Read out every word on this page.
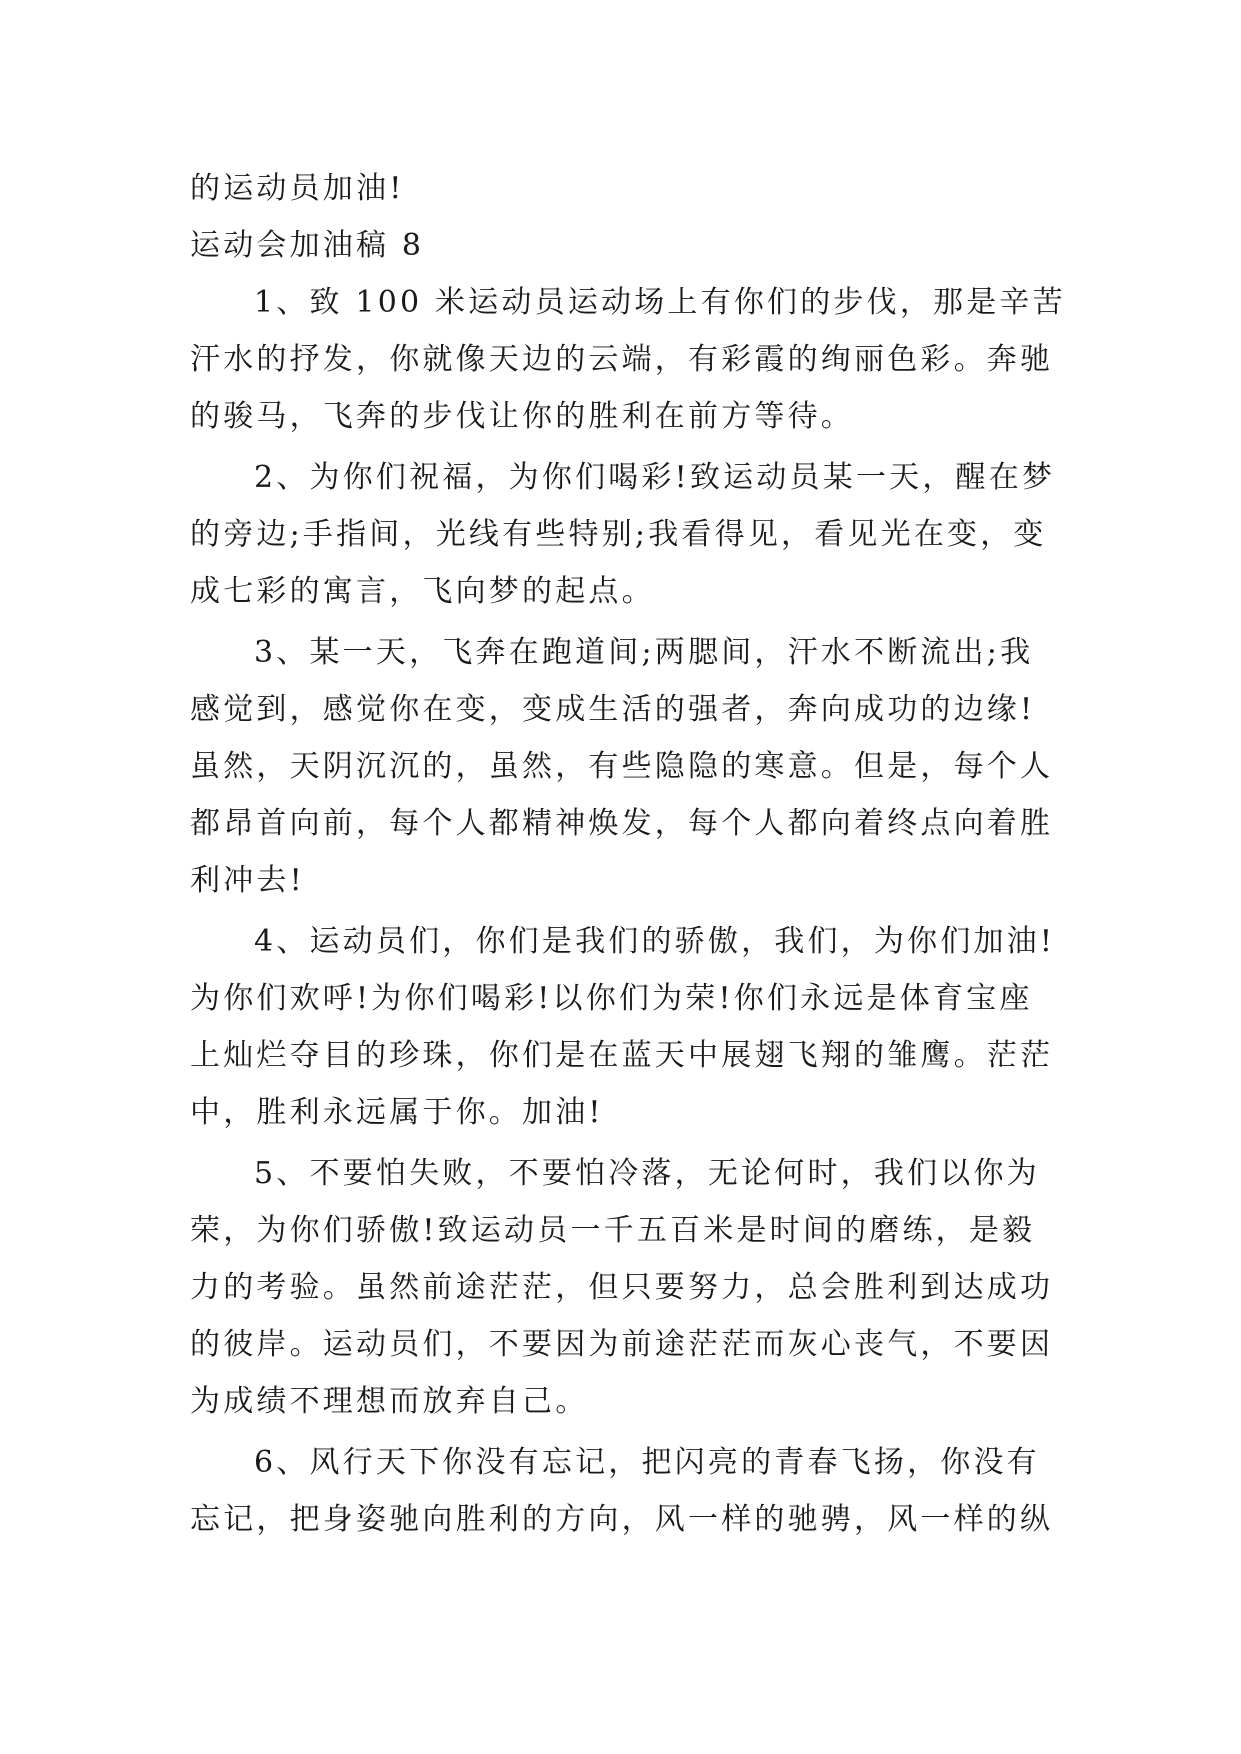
的运动员加油!
运动会加油稿 8
1、致 100 米运动员运动场上有你们的步伐，那是辛苦
汗水的抒发，你就像天边的云端，有彩霞的绚丽色彩。奔驰
的骏马，飞奔的步伐让你的胜利在前方等待。
2、为你们祝福，为你们喝彩!致运动员某一天，醒在梦
的旁边;手指间，光线有些特别;我看得见，看见光在变，变
成七彩的寓言，飞向梦的起点。
3、某一天，飞奔在跑道间;两腮间，汗水不断流出;我
感觉到，感觉你在变，变成生活的强者，奔向成功的边缘!
虽然，天阴沉沉的，虽然，有些隐隐的寒意。但是，每个人
都昂首向前，每个人都精神焕发，每个人都向着终点向着胜
利冲去!
4、运动员们，你们是我们的骄傲，我们，为你们加油!
为你们欢呼!为你们喝彩!以你们为荣!你们永远是体育宝座
上灿烂夺目的珍珠，你们是在蓝天中展翅飞翔的雏鹰。茫茫
中，胜利永远属于你。加油!
5、不要怕失败，不要怕冷落，无论何时，我们以你为
荣，为你们骄傲!致运动员一千五百米是时间的磨练，是毅
力的考验。虽然前途茫茫，但只要努力，总会胜利到达成功
的彼岸。运动员们，不要因为前途茫茫而灰心丧气，不要因
为成绩不理想而放弃自己。
6、风行天下你没有忘记，把闪亮的青春飞扬，你没有
忘记，把身姿驰向胜利的方向，风一样的驰骋，风一样的纵
